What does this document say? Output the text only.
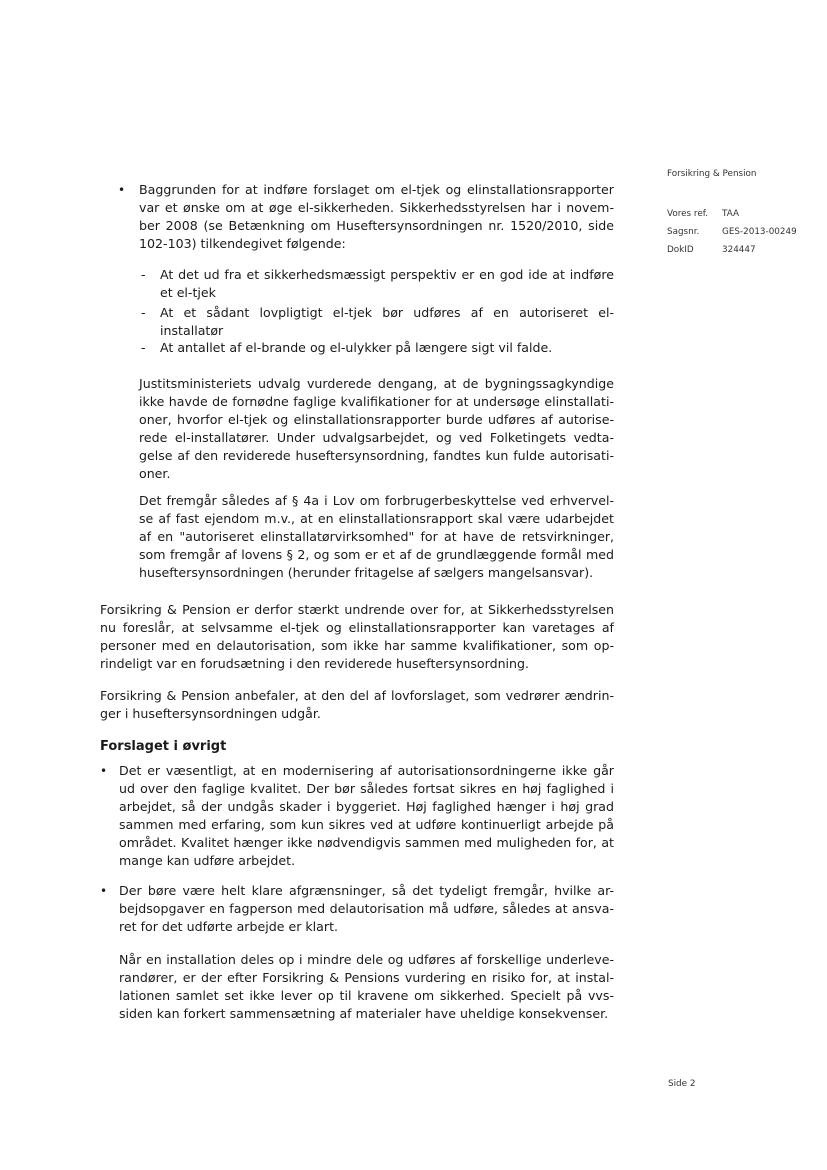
Forsikring & Pension
Vores ref. TAA
Sagsnr.	GES-2013-00249
DokID	324447
• Baggrunden for at indføre forslaget om el-tjek og elinstallationsrapporter
var et ønske om at øge el-sikkerheden. Sikkerhedsstyrelsen har i novem-
ber 2008 (se Betænkning om Huseftersynsordningen nr. 1520/2010, side
102-103) tilkendegivet følgende:
- At det ud fra et sikkerhedsmæssigt perspektiv er en god ide at indføre
et el-tjek
- At et sådant lovpligtigt el-tjek bør udføres af en autoriseret el-
installatør
- At antallet af el-brande og el-ulykker på længere sigt vil falde.
Justitsministeriets udvalg vurderede dengang, at de bygningssagkyndige
ikke havde de fornødne faglige kvalifikationer for at undersøge elinstallati-
oner, hvorfor el-tjek og elinstallationsrapporter burde udføres af autorise-
rede el-installatører. Under udvalgsarbejdet, og ved Folketingets vedta-
gelse af den reviderede huseftersynsordning, fandtes kun fulde autorisati-
oner.
Det fremgår således af § 4a i Lov om forbrugerbeskyttelse ved erhvervel-
se af fast ejendom m.v., at en elinstallationsrapport skal være udarbejdet
af en "autoriseret elinstallatørvirksomhed" for at have de retsvirkninger,
som fremgår af lovens § 2, og som er et af de grundlæggende formål med
huseftersynsordningen (herunder fritagelse af sælgers mangelsansvar).
Forsikring & Pension er derfor stærkt undrende over for, at Sikkerhedsstyrelsen
nu foreslår, at selvsamme el-tjek og elinstallationsrapporter kan varetages af
personer med en delautorisation, som ikke har samme kvalifikationer, som op-
rindeligt var en forudsætning i den reviderede huseftersynsordning.
Forsikring & Pension anbefaler, at den del af lovforslaget, som vedrører ændrin-
ger i huseftersynsordningen udgår.
Forslaget i øvrigt
• Det er væsentligt, at en modernisering af autorisationsordningerne ikke går
ud over den faglige kvalitet. Der bør således fortsat sikres en høj faglighed i
arbejdet, så der undgås skader i byggeriet. Høj faglighed hænger i høj grad
sammen med erfaring, som kun sikres ved at udføre kontinuerligt arbejde på
området. Kvalitet hænger ikke nødvendigvis sammen med muligheden for, at
mange kan udføre arbejdet.
• Der børe være helt klare afgrænsninger, så det tydeligt fremgår, hvilke ar-
bejdsopgaver en fagperson med delautorisation må udføre, således at ansva-
ret for det udførte arbejde er klart.
Når en installation deles op i mindre dele og udføres af forskellige underleve-
randører, er der efter Forsikring & Pensions vurdering en risiko for, at instal-
lationen samlet set ikke lever op til kravene om sikkerhed. Specielt på vvs-
siden kan forkert sammensætning af materialer have uheldige konsekvenser.
Side 2
